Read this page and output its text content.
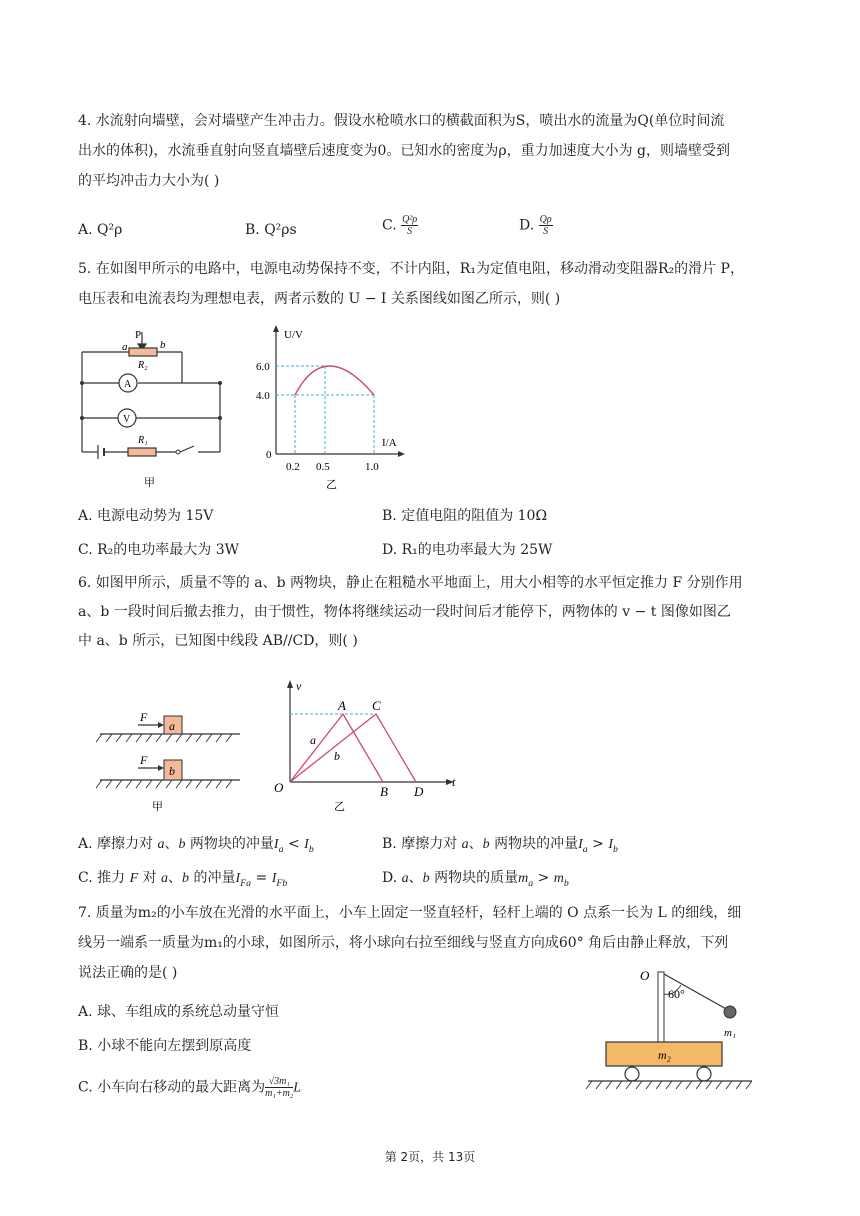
4. 水流射向墙壁，会对墙壁产生冲击力。假设水枪喷水口的横截面积为S，喷出水的流量为Q(单位时间流
出水的体积)，水流垂直射向竖直墙壁后速度变为0。已知水的密度为ρ，重力加速度大小为 g，则墙壁受到
的平均冲击力大小为( )
A. Q²ρ	B. Q²ρs	C. $\frac{\text{Q²ρ}}{S}$	D. $\frac{Q\rho}{S}$
5. 在如图甲所示的电路中，电源电动势保持不变，不计内阻，R₁为定值电阻，移动滑动变阻器R₂的滑片 P，
电压表和电流表均为理想电表，两者示数的 U − I 关系图线如图乙所示，则( )
P
a	b
R₂
A
V
R₁
甲
U/V
I/A
6.0
4.0
0
0.2 0.5	1.0
乙
A. 电源电动势为 15V	B. 定值电阻的阻值为 10Ω
C. R₂的电功率最大为 3W	D. R₁的电功率最大为 25W
6. 如图甲所示，质量不等的 a、b 两物块，静止在粗糙水平地面上，用大小相等的水平恒定推力 F 分别作用
a、b 一段时间后撤去推力，由于惯性，物体将继续运动一段时间后才能停下，两物体的 v − t 图像如图乙
中 a、b 所示，已知图中线段 AB//CD，则( )
F
F
a
b
甲
v
t
O
A C
B D
a
b
乙
A. 摩擦力对 a、b 两物块的冲量$I_a < I_b$	B. 摩擦力对 a、b 两物块的冲量$I_a > I_b$
C. 推力 F 对 a、b 的冲量$I_{Fa} = I_{Fb}$	D. a、b 两物块的质量$m_a > m_b$
7. 质量为m₂的小车放在光滑的水平面上，小车上固定一竖直轻杆，轻杆上端的 O 点系一长为 L 的细线，细
线另一端系一质量为m₁的小球，如图所示，将小球向右拉至细线与竖直方向成60° 角后由静止释放，下列
说法正确的是( )
A. 球、车组成的系统总动量守恒
B. 小球不能向左摆到原高度
C. 小车向右移动的最大距离为 $\frac{\text{√3m₁}}{\text{m₁+m₂}}$ L
O
60°
m₁
m₂
第 2页，共 13页
